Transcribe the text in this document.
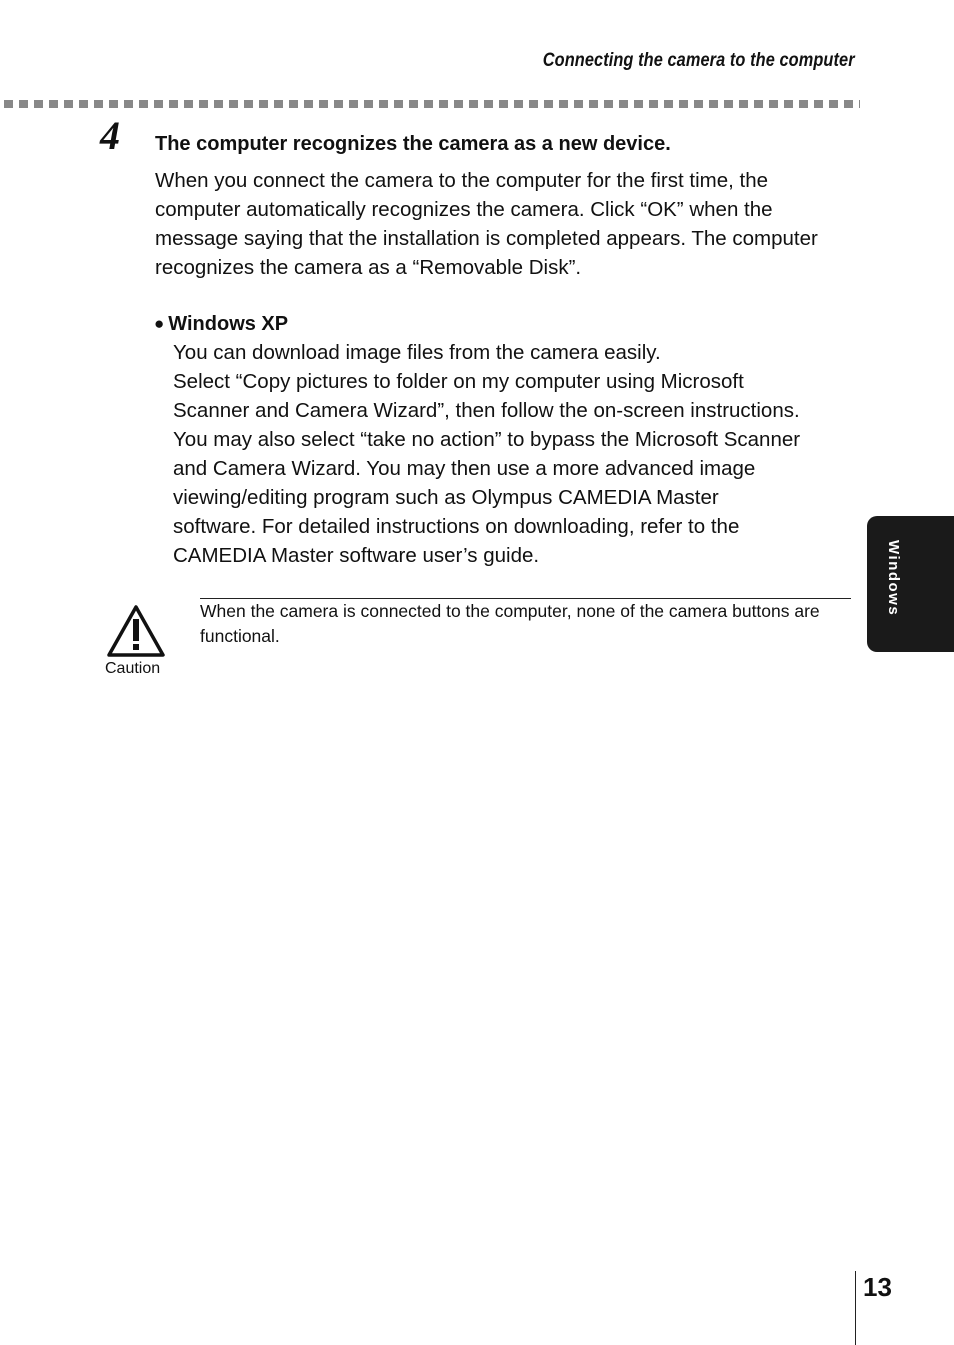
Connecting the camera to the computer
4 The computer recognizes the camera as a new device.

When you connect the camera to the computer for the first time, the computer automatically recognizes the camera. Click “OK” when the message saying that the installation is completed appears. The computer recognizes the camera as a “Removable Disk”.

● Windows XP
You can download image files from the camera easily.
Select “Copy pictures to folder on my computer using Microsoft
Scanner and Camera Wizard”, then follow the on-screen instructions.
You may also select “take no action” to bypass the Microsoft Scanner
and Camera Wizard. You may then use a more advanced image
viewing/editing program such as Olympus CAMEDIA Master
software. For detailed instructions on downloading, refer to the
CAMEDIA Master software user’s guide.
Caution

When the camera is connected to the computer, none of the camera buttons are functional.

Windows
13
